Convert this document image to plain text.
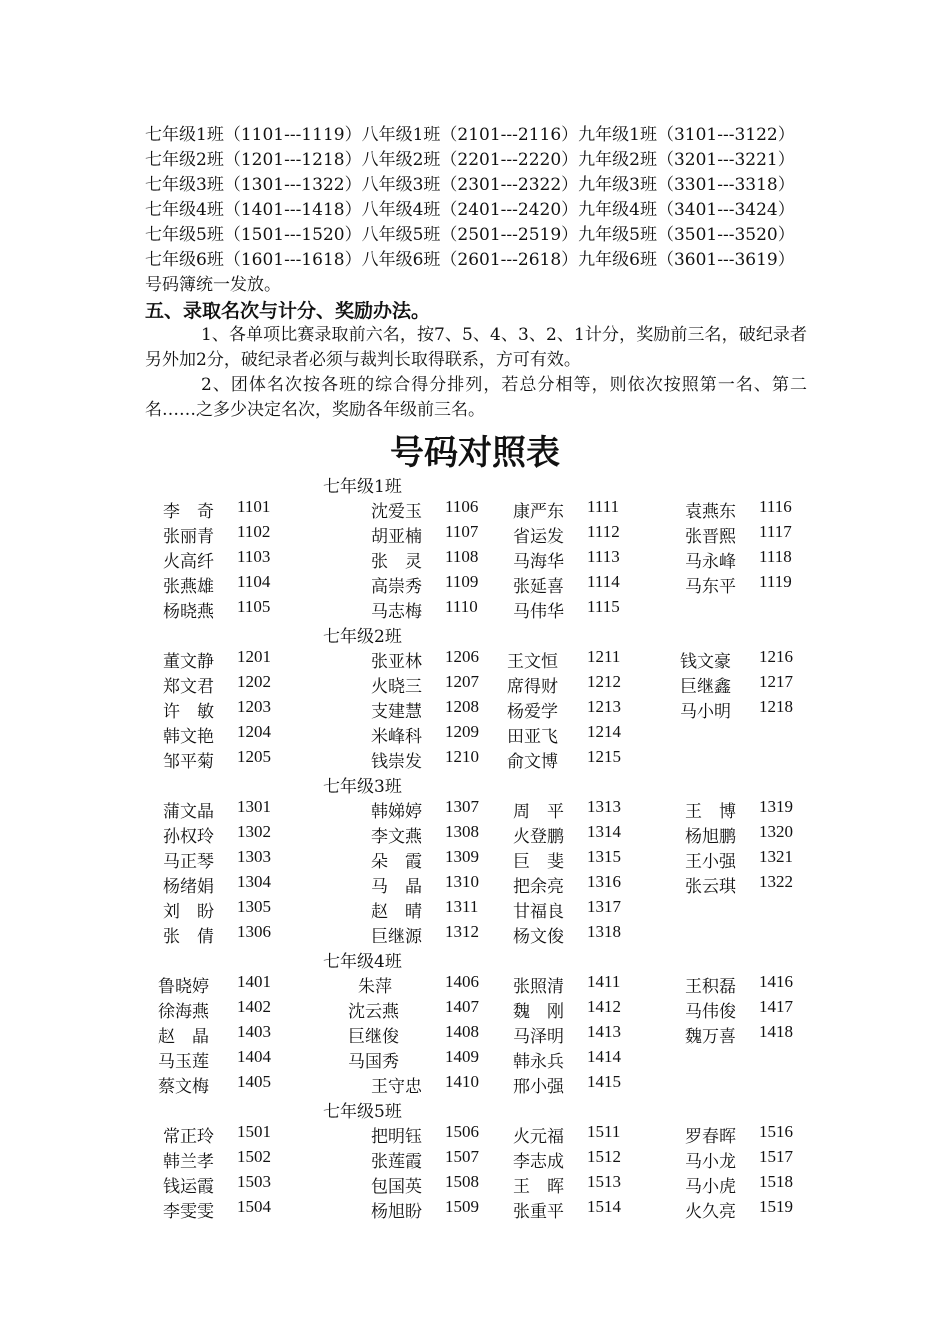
七年级1班（1101---1119）八年级1班（2101---2116）九年级1班（3101---3122）
七年级2班（1201---1218）八年级2班（2201---2220）九年级2班（3201---3221）
七年级3班（1301---1322）八年级3班（2301---2322）九年级3班（3301---3318）
七年级4班（1401---1418）八年级4班（2401---2420）九年级4班（3401---3424）
七年级5班（1501---1520）八年级5班（2501---2519）九年级5班（3501---3520）
七年级6班（1601---1618）八年级6班（2601---2618）九年级6班（3601---3619）
号码簿统一发放。
五、录取名次与计分、奖励办法。
1、各单项比赛录取前六名，按7、5、4、3、2、1计分，奖励前三名，破纪录者另外加2分，破纪录者必须与裁判长取得联系，方可有效。
2、团体名次按各班的综合得分排列，若总分相等，则依次按照第一名、第二名……之多少决定名次，奖励各年级前三名。
号码对照表
七年级1班
李　奇 1101	沈爱玉 1106 康严东 1111	袁燕东 1116
张丽青 1102	胡亚楠 1107 省运发 1112	张晋熙 1117
火高纤 1103	张　灵 1108 马海华 1113	马永峰 1118
张燕雄 1104	高崇秀 1109 张延喜 1114	马东平 1119
杨晓燕 1105	马志梅 1110 马伟华 1115
七年级2班
董文静 1201	张亚林 1206 王文恒 1211	钱文豪 1216
郑文君 1202	火晓三 1207 席得财 1212	巨继鑫 1217
许　敏 1203	支建慧 1208 杨爱学 1213	马小明 1218
韩文艳 1204	米峰科 1209 田亚飞 1214
邹平菊 1205	钱崇发 1210 俞文博 1215
七年级3班
蒲文晶 1301	韩娣婷 1307 周　平 1313	王　博 1319
孙权玲 1302	李文燕 1308 火登鹏 1314	杨旭鹏 1320
马正琴 1303	朵　霞 1309 巨　斐 1315	王小强 1321
杨绪娟 1304	马　晶 1310 把余亮 1316	张云琪 1322
刘　盼 1305	赵　晴 1311 甘福良 1317
张　倩 1306	巨继源 1312 杨文俊 1318
七年级4班
鲁晓婷 1401	朱萍	1406 张照清 1411	王积磊 1416
徐海燕 1402	沈云燕	1407 魏　刚 1412	马伟俊 1417
赵　晶 1403	巨继俊	1408 马泽明 1413	魏万喜 1418
马玉莲 1404	马国秀	1409 韩永兵 1414
蔡文梅 1405	王守忠 1410 邢小强 1415
七年级5班
常正玲 1501	把明钰 1506 火元福 1511	罗春晖 1516
韩兰孝 1502	张莲霞 1507 李志成 1512	马小龙 1517
钱运霞 1503	包国英 1508 王　晖 1513	马小虎 1518
李雯雯 1504	杨旭盼 1509 张重平 1514	火久亮 1519
